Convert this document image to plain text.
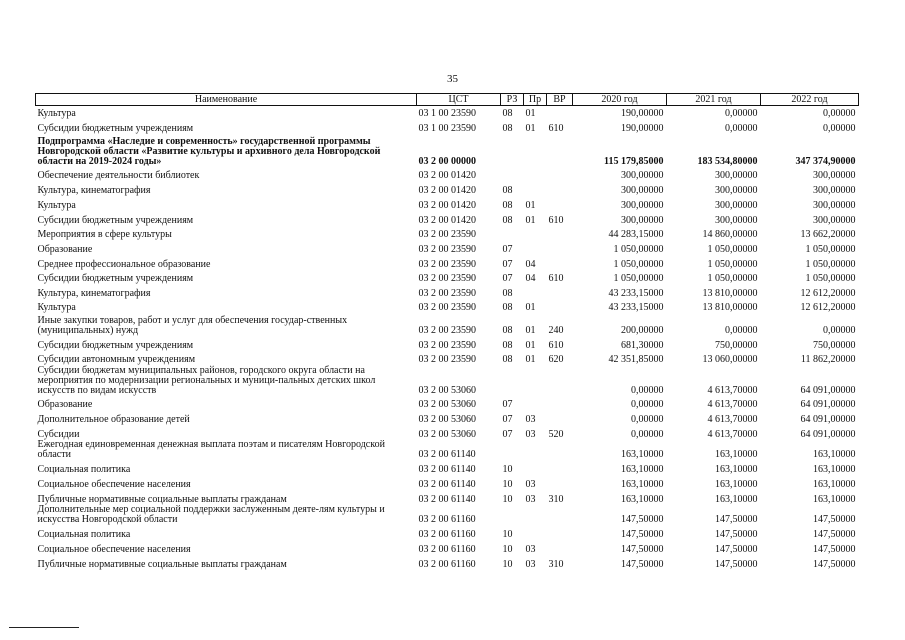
35
Наименование	ЦСТ	РЗ	Пр	ВР	2020 год	2021 год	2022 год
Культура	03 1 00 23590	08	01		190,00000	0,00000	0,00000
Субсидии бюджетным учреждениям	03 1 00 23590	08	01	610	190,00000	0,00000	0,00000
Подпрограмма «Наследие и современность» государственной программы Новгородской области «Развитие культуры и архивного дела Новгородской области на 2019-2024 годы»	03 2 00 00000				115 179,85000	183 534,80000	347 374,90000
Обеспечение деятельности библиотек	03 2 00 01420				300,00000	300,00000	300,00000
Культура, кинематография	03 2 00 01420	08			300,00000	300,00000	300,00000
Культура	03 2 00 01420	08	01		300,00000	300,00000	300,00000
Субсидии бюджетным учреждениям	03 2 00 01420	08	01	610	300,00000	300,00000	300,00000
Мероприятия в сфере культуры	03 2 00 23590				44 283,15000	14 860,00000	13 662,20000
Образование	03 2 00 23590	07			1 050,00000	1 050,00000	1 050,00000
Среднее профессиональное образование	03 2 00 23590	07	04		1 050,00000	1 050,00000	1 050,00000
Субсидии бюджетным учреждениям	03 2 00 23590	07	04	610	1 050,00000	1 050,00000	1 050,00000
Культура, кинематография	03 2 00 23590	08			43 233,15000	13 810,00000	12 612,20000
Культура	03 2 00 23590	08	01		43 233,15000	13 810,00000	12 612,20000
Иные закупки товаров, работ и услуг для обеспечения государ-ственных (муниципальных) нужд	03 2 00 23590	08	01	240	200,00000	0,00000	0,00000
Субсидии бюджетным учреждениям	03 2 00 23590	08	01	610	681,30000	750,00000	750,00000
Субсидии автономным учреждениям	03 2 00 23590	08	01	620	42 351,85000	13 060,00000	11 862,20000
Субсидии бюджетам муниципальных районов, городского округа области на мероприятия по модернизации региональных и муници-пальных детских школ искусств по видам искусств	03 2 00 53060				0,00000	4 613,70000	64 091,00000
Образование	03 2 00 53060	07			0,00000	4 613,70000	64 091,00000
Дополнительное образование детей	03 2 00 53060	07	03		0,00000	4 613,70000	64 091,00000
Субсидии	03 2 00 53060	07	03	520	0,00000	4 613,70000	64 091,00000
Ежегодная единовременная денежная выплата поэтам и писателям Новгородской области	03 2 00 61140				163,10000	163,10000	163,10000
Социальная политика	03 2 00 61140	10			163,10000	163,10000	163,10000
Социальное обеспечение населения	03 2 00 61140	10	03		163,10000	163,10000	163,10000
Публичные нормативные социальные выплаты гражданам	03 2 00 61140	10	03	310	163,10000	163,10000	163,10000
Дополнительные мер социальной поддержки заслуженным деяте-лям культуры и искусства Новгородской области	03 2 00 61160				147,50000	147,50000	147,50000
Социальная политика	03 2 00 61160	10			147,50000	147,50000	147,50000
Социальное обеспечение населения	03 2 00 61160	10	03		147,50000	147,50000	147,50000
Публичные нормативные социальные выплаты гражданам	03 2 00 61160	10	03	310	147,50000	147,50000	147,50000
